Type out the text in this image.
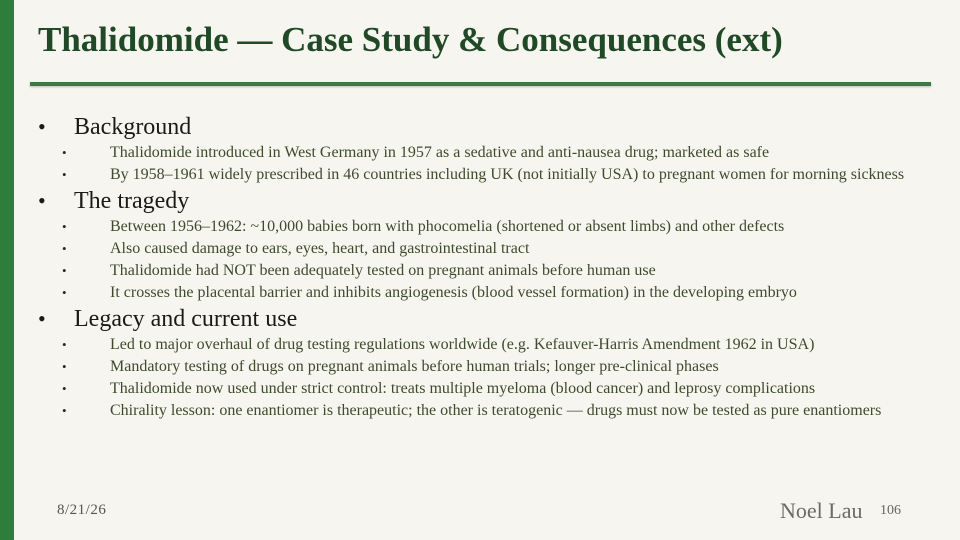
Thalidomide — Case Study & Consequences (ext)

• Background

•	Thalidomide introduced in West Germany in 1957 as a sedative and anti-nausea drug; marketed as safe
•	By 1958–1961 widely prescribed in 46 countries including UK (not initially USA) to pregnant women for morning sickness

• The tragedy

•	Between 1956–1962: ~10,000 babies born with phocomelia (shortened or absent limbs) and other defects
•	Also caused damage to ears, eyes, heart, and gastrointestinal tract
•	Thalidomide had NOT been adequately tested on pregnant animals before human use
•	It crosses the placental barrier and inhibits angiogenesis (blood vessel formation) in the developing embryo

• Legacy and current use

•	Led to major overhaul of drug testing regulations worldwide (e.g. Kefauver-Harris Amendment 1962 in USA)
•	Mandatory testing of drugs on pregnant animals before human trials; longer pre-clinical phases
•	Thalidomide now used under strict control: treats multiple myeloma (blood cancer) and leprosy complications
•	Chirality lesson: one enantiomer is therapeutic; the other is teratogenic — drugs must now be tested as pure enantiomers
8/21/26	Noel Lau 106
